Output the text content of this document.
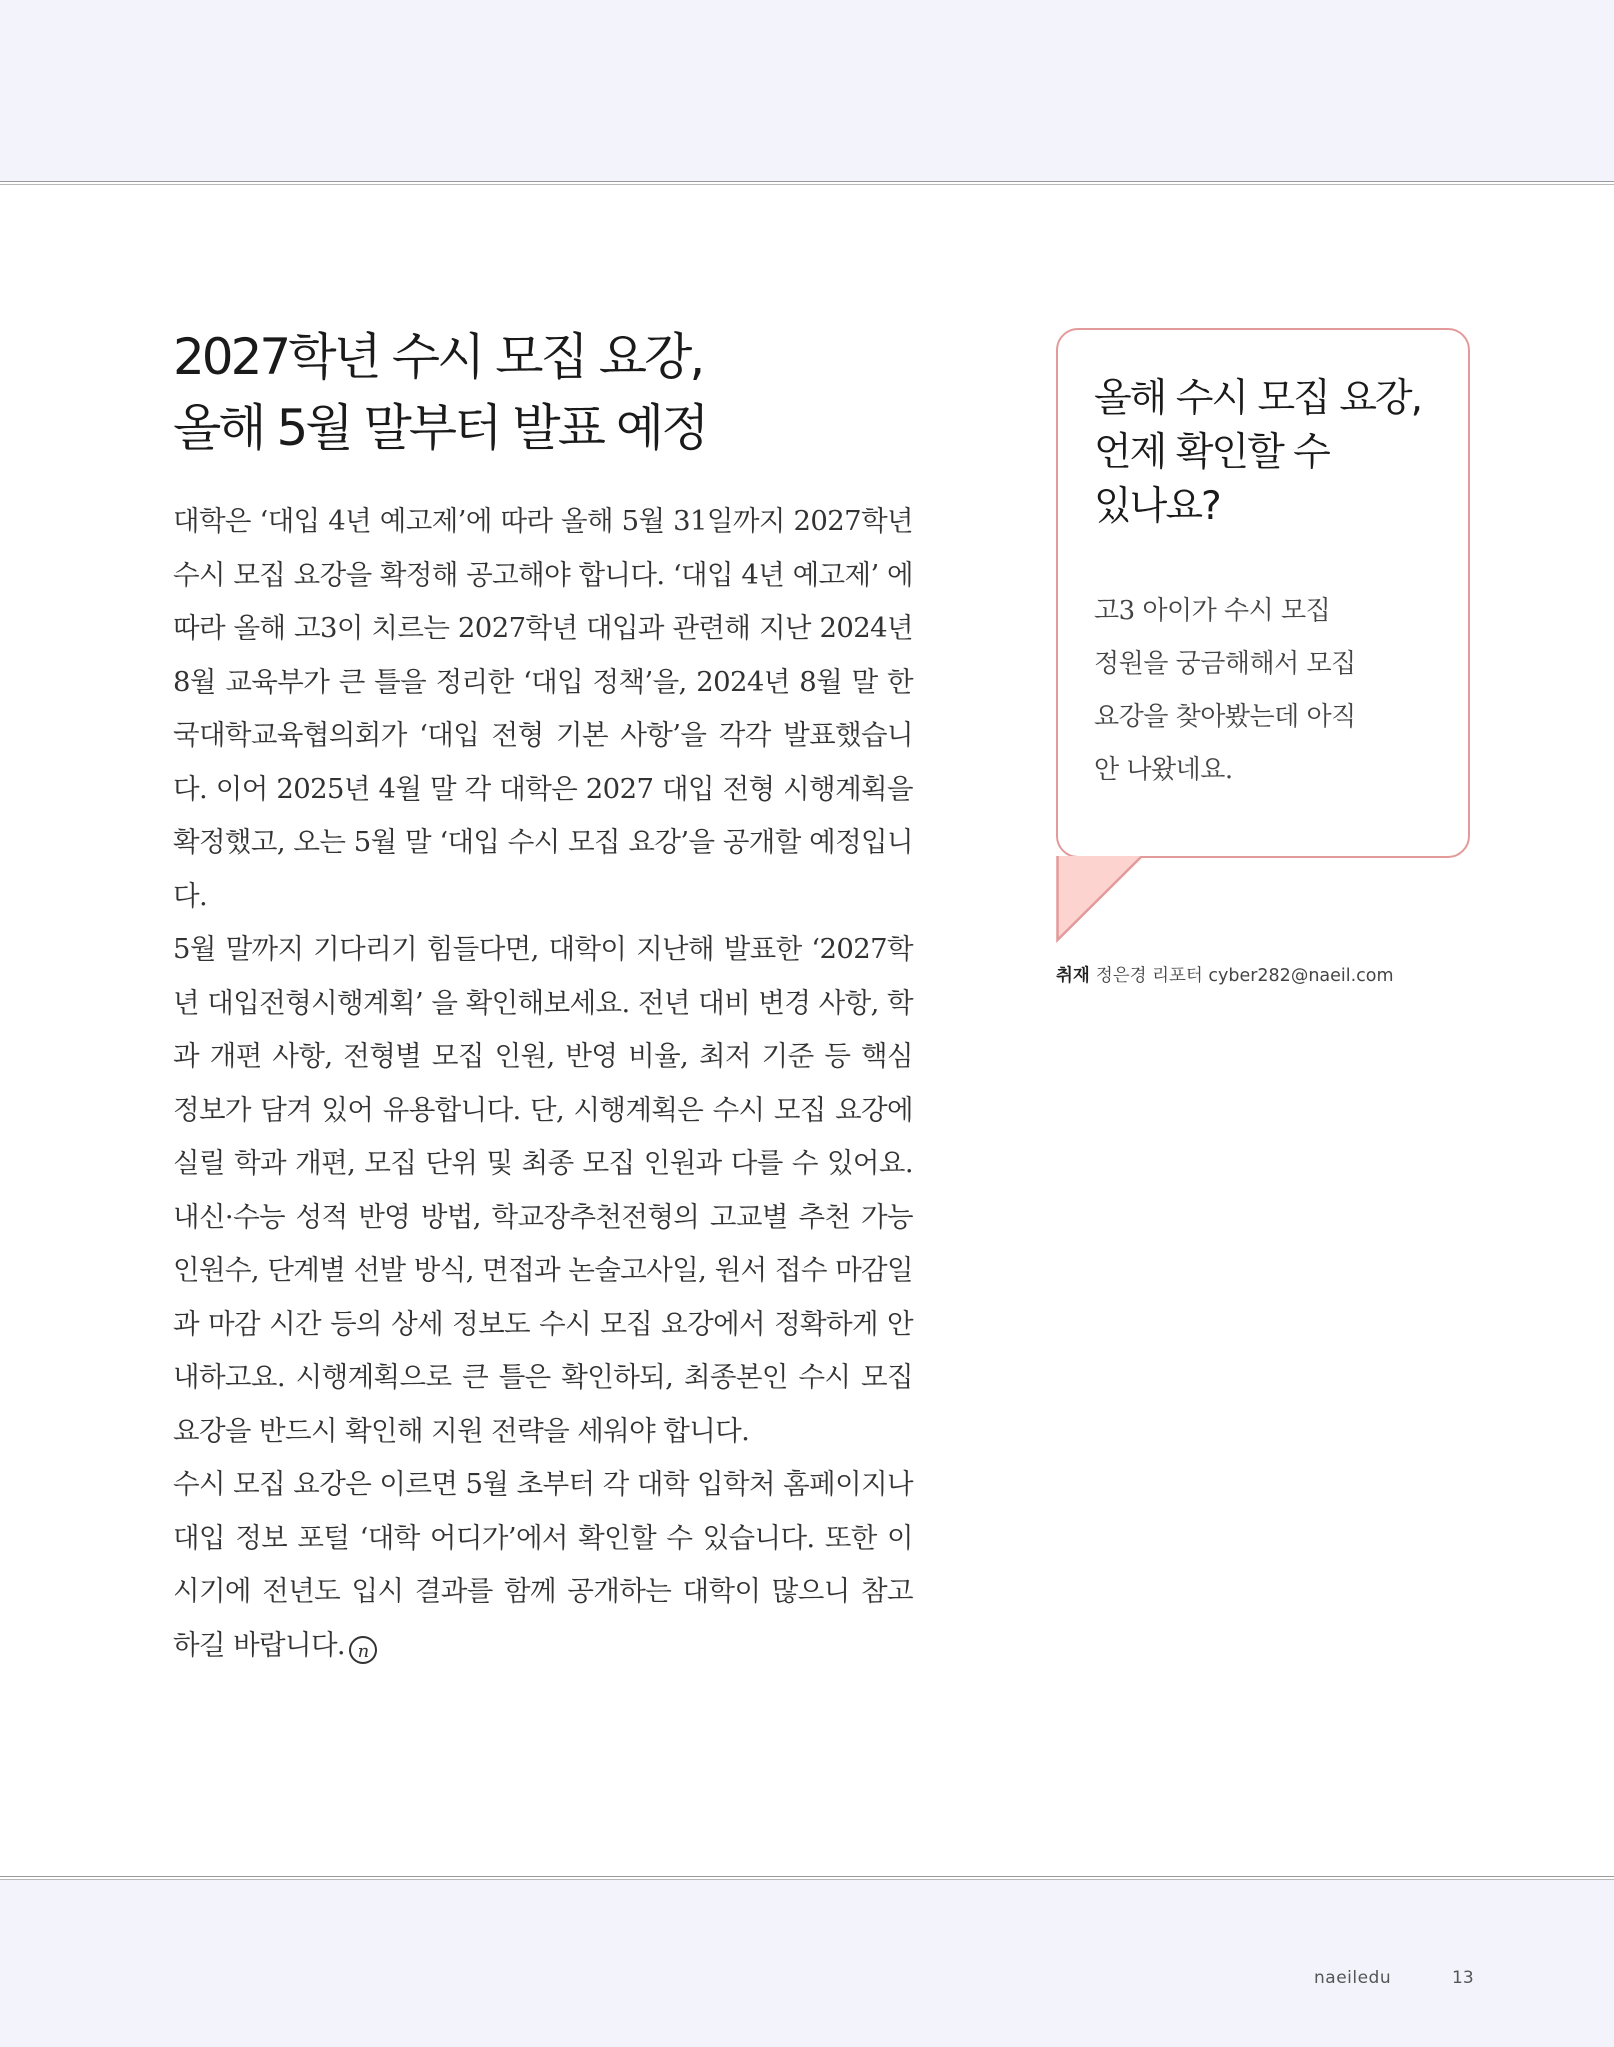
2027학년 수시 모집 요강,
올해 5월 말부터 발표 예정

대학은 ‘대입 4년 예고제’에 따라 올해 5월 31일까지 2027학년 수시 모집 요강을 확정해 공고해야 합니다. ‘대입 4년 예고제’ 에 따라 올해 고3이 치르는 2027학년 대입과 관련해 지난 2024년 8월 교육부가 큰 틀을 정리한 ‘대입 정책’을, 2024년 8월 말 한국대학교육협의회가 ‘대입 전형 기본 사항’을 각각 발표했습니다. 이어 2025년 4월 말 각 대학은 2027 대입 전형 시행계획을 확정했고, 오는 5월 말 ‘대입 수시 모집 요강’을 공개할 예정입니다.

5월 말까지 기다리기 힘들다면, 대학이 지난해 발표한 ‘2027학년 대입전형시행계획’ 을 확인해보세요. 전년 대비 변경 사항, 학과 개편 사항, 전형별 모집 인원, 반영 비율, 최저 기준 등 핵심 정보가 담겨 있어 유용합니다. 단, 시행계획은 수시 모집 요강에 실릴 학과 개편, 모집 단위 및 최종 모집 인원과 다를 수 있어요. 내신·수능 성적 반영 방법, 학교장추천전형의 고교별 추천 가능 인원수, 단계별 선발 방식, 면접과 논술고사일, 원서 접수 마감일과 마감 시간 등의 상세 정보도 수시 모집 요강에서 정확하게 안내하고요. 시행계획으로 큰 틀은 확인하되, 최종본인 수시 모집 요강을 반드시 확인해 지원 전략을 세워야 합니다.

수시 모집 요강은 이르면 5월 초부터 각 대학 입학처 홈페이지나 대입 정보 포털 ‘대학 어디가’에서 확인할 수 있습니다. 또한 이 시기에 전년도 입시 결과를 함께 공개하는 대학이 많으니 참고하길 바랍니다. n

올해 수시 모집 요강,
언제 확인할 수
있나요?
고3 아이가 수시 모집
정원을 궁금해해서 모집
요강을 찾아봤는데 아직
안 나왔네요.
취재 정은경 리포터 cyber282@naeil.com
naeiledu	13
